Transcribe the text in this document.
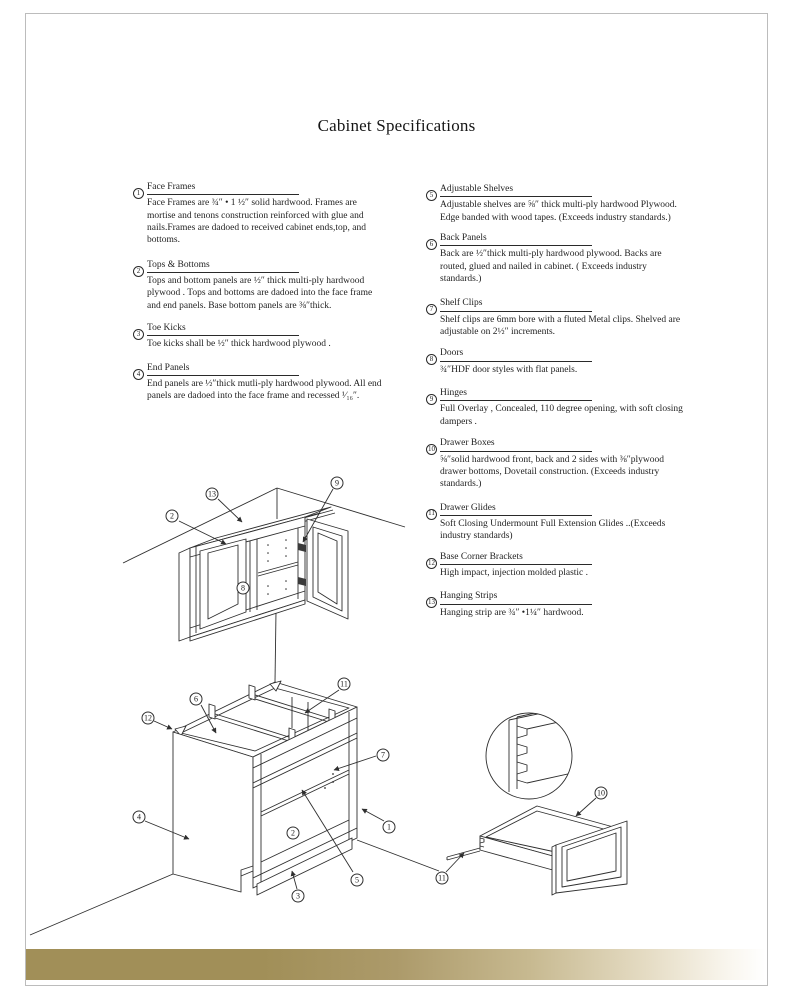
Cabinet Specifications
13
2
9
8
6
11
12
7
4
2
1
5
3
10
11
1
Face Frames
Face Frames are ¾″ • 1 ½″ solid hardwood. Frames are mortise and tenons construction reinforced with glue and nails.Frames are dadoed to received cabinet ends,top, and bottoms.
2
Tops & Bottoms
Tops and bottom panels are ½″ thick multi-ply hardwood plywood . Tops and bottoms are dadoed into the face frame and end panels. Base bottom panels are ⅜″thick.
3
Toe Kicks
Toe kicks shall be ½″ thick hardwood plywood .
4
End Panels
End panels are ½″thick mutli-ply hardwood plywood. All end panels are dadoed into the face frame and recessed ¹⁄₁₆″.
5
Adjustable Shelves
Adjustable shelves are ⅝″ thick multi-ply hardwood Plywood. Edge banded with wood tapes. (Exceeds industry standards.)
6
Back Panels
Back are ½″thick multi-ply hardwood plywood. Backs are routed, glued and nailed in cabinet. ( Exceeds industry standards.)
7
Shelf Clips
Shelf clips are 6mm bore with a fluted Metal clips. Shelved are adjustable on 2½″ increments.
8
Doors
¾″HDF door styles with flat panels.
9
Hinges
Full Overlay , Concealed, 110 degree opening, with soft closing dampers .
10
Drawer Boxes
⅝″solid hardwood front, back and 2 sides with ⅜″plywood drawer bottoms, Dovetail construction. (Exceeds industry standards.)
11
Drawer Glides
Soft Closing Undermount Full Extension Glides ..(Exceeds industry standards)
12
Base Corner Brackets
High impact, injection molded plastic .
13
Hanging Strips
Hanging strip are ¾″ •1¼″ hardwood.
